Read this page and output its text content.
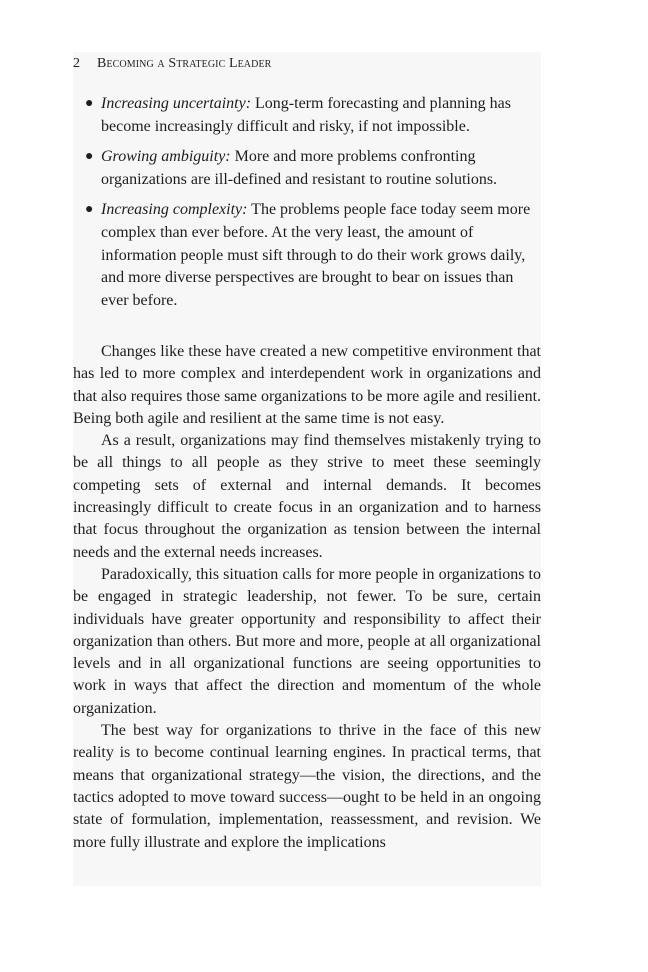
2 Becoming a Strategic Leader
● Increasing uncertainty: Long-term forecasting and planning has become increasingly difficult and risky, if not impossible.
● Growing ambiguity: More and more problems confronting organizations are ill-defined and resistant to routine solutions.
● Increasing complexity: The problems people face today seem more complex than ever before. At the very least, the amount of information people must sift through to do their work grows daily, and more diverse perspectives are brought to bear on issues than ever before.

Changes like these have created a new competitive environment that has led to more complex and interdependent work in organizations and that also requires those same organizations to be more agile and resilient. Being both agile and resilient at the same time is not easy.

As a result, organizations may find themselves mistakenly trying to be all things to all people as they strive to meet these seemingly competing sets of external and internal demands. It becomes increasingly difficult to create focus in an organization and to harness that focus throughout the organization as tension between the internal needs and the external needs increases.

Paradoxically, this situation calls for more people in organizations to be engaged in strategic leadership, not fewer. To be sure, certain individuals have greater opportunity and responsibility to affect their organization than others. But more and more, people at all organizational levels and in all organizational functions are seeing opportunities to work in ways that affect the direction and momentum of the whole organization.

The best way for organizations to thrive in the face of this new reality is to become continual learning engines. In practical terms, that means that organizational strategy—the vision, the directions, and the tactics adopted to move toward success—ought to be held in an ongoing state of formulation, implementation, reassessment, and revision. We more fully illustrate and explore the implications
